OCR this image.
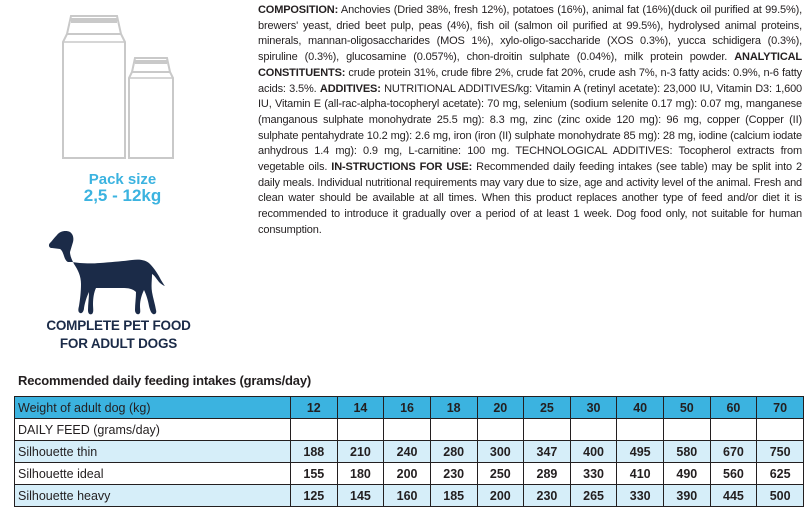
Pack size
2,5 - 12kg
COMPLETE PET FOOD
FOR ADULT DOGS

COMPOSITION: Anchovies (Dried 38%, fresh 12%), potatoes (16%), animal fat (16%)(duck oil purified at 99.5%), brewers' yeast, dried beet pulp, peas (4%), fish oil (salmon oil purified at 99.5%), hydrolysed animal proteins, minerals, mannan-oligosaccharides (MOS 1%), xylo-oligo-saccharide (XOS 0.3%), yucca schidigera (0.3%), spiruline (0.3%), glucosamine (0.057%), chon-droitin sulphate (0.04%), milk protein powder. ANALYTICAL CONSTITUENTS: crude protein 31%, crude fibre 2%, crude fat 20%, crude ash 7%, n-3 fatty acids: 0.9%, n-6 fatty acids: 3.5%. ADDITIVES: NUTRITIONAL ADDITIVES/kg: Vitamin A (retinyl acetate): 23,000 IU, Vitamin D3: 1,600 IU, Vitamin E (all-rac-alpha-tocopheryl acetate): 70 mg, selenium (sodium selenite 0.17 mg): 0.07 mg, manganese (manganous sulphate monohydrate 25.5 mg): 8.3 mg, zinc (zinc oxide 120 mg): 96 mg, copper (Copper (II) sulphate pentahydrate 10.2 mg): 2.6 mg, iron (iron (II) sulphate monohydrate 85 mg): 28 mg, iodine (calcium iodate anhydrous 1.4 mg): 0.9 mg, L-carnitine: 100 mg. TECHNOLOGICAL ADDITIVES: Tocopherol extracts from vegetable oils. IN-STRUCTIONS FOR USE: Recommended daily feeding intakes (see table) may be split into 2 daily meals. Individual nutritional requirements may vary due to size, age and activity level of the animal. Fresh and clean water should be available at all times. When this product replaces another type of feed and/or diet it is recommended to introduce it gradually over a period of at least 1 week. Dog food only, not suitable for human consumption.

Recommended daily feeding intakes (grams/day)
Weight of adult dog (kg)	12	14	16	18	20	25	30	40	50	60	70
DAILY FEED (grams/day)											
Silhouette thin	188	210	240	280	300	347	400	495	580	670	750
Silhouette ideal	155	180	200	230	250	289	330	410	490	560	625
Silhouette heavy	125	145	160	185	200	230	265	330	390	445	500
